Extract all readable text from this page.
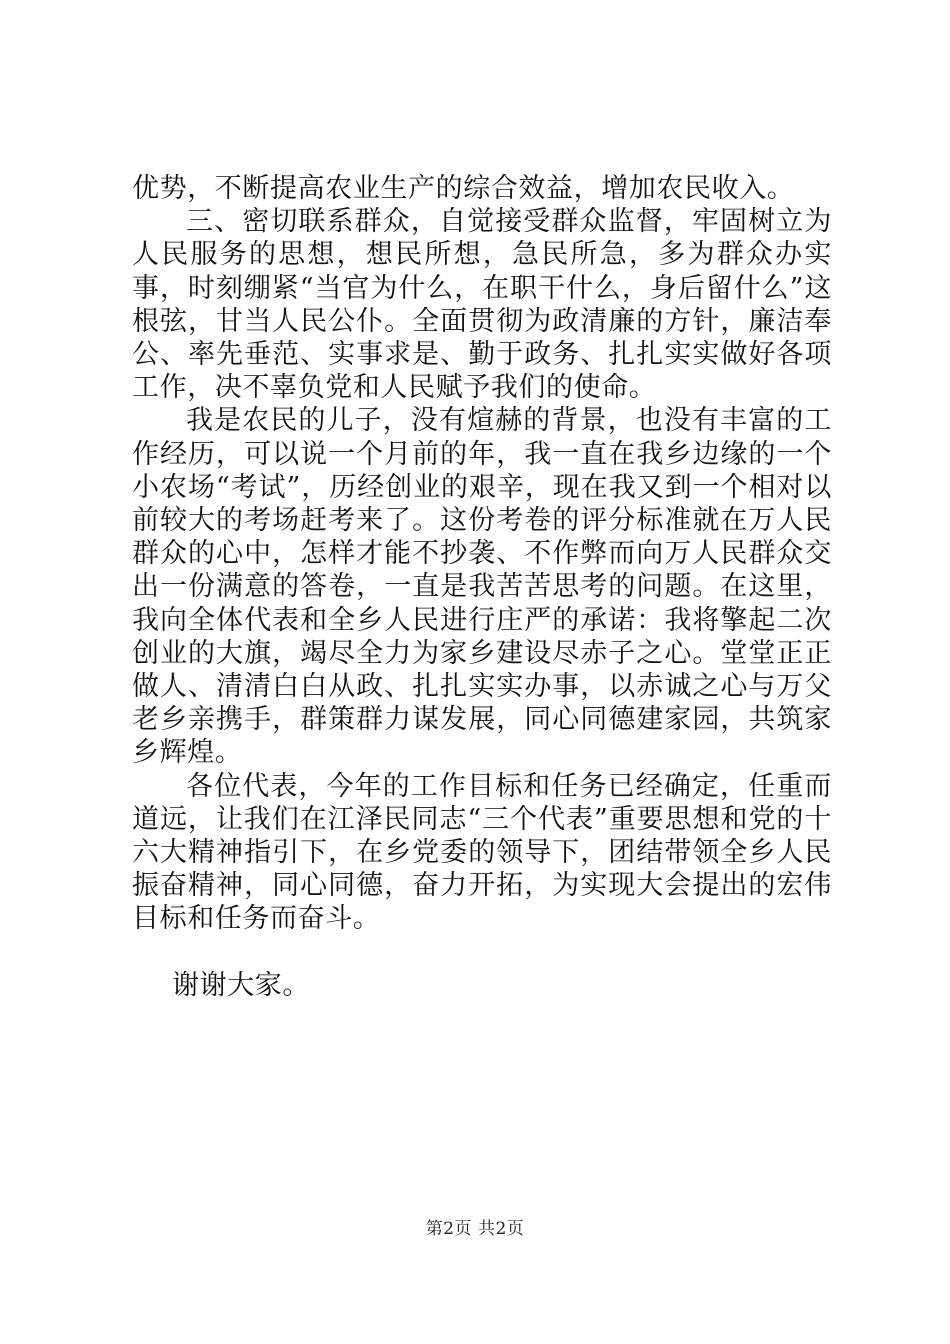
优势，不断提高农业生产的综合效益，增加农民收入。

三、密切联系群众，自觉接受群众监督，牢固树立为人民服务的思想，想民所想，急民所急，多为群众办实事，时刻绷紧“当官为什么，在职干什么，身后留什么”这根弦，甘当人民公仆。全面贯彻为政清廉的方针，廉洁奉公、率先垂范、实事求是、勤于政务、扎扎实实做好各项工作，决不辜负党和人民赋予我们的使命。

我是农民的儿子，没有煊赫的背景，也没有丰富的工作经历，可以说一个月前的年，我一直在我乡边缘的一个小农场“考试”，历经创业的艰辛，现在我又到一个相对以前较大的考场赶考来了。这份考卷的评分标准就在万人民群众的心中，怎样才能不抄袭、不作弊而向万人民群众交出一份满意的答卷，一直是我苦苦思考的问题。在这里，我向全体代表和全乡人民进行庄严的承诺：我将擎起二次创业的大旗，竭尽全力为家乡建设尽赤子之心。堂堂正正做人、清清白白从政、扎扎实实办事，以赤诚之心与万父老乡亲携手，群策群力谋发展，同心同德建家园，共筑家乡辉煌。

各位代表，今年的工作目标和任务已经确定，任重而道远，让我们在江泽民同志“三个代表”重要思想和党的十六大精神指引下，在乡党委的领导下，团结带领全乡人民振奋精神，同心同德，奋力开拓，为实现大会提出的宏伟目标和任务而奋斗。

谢谢大家。

第2页 共2页
